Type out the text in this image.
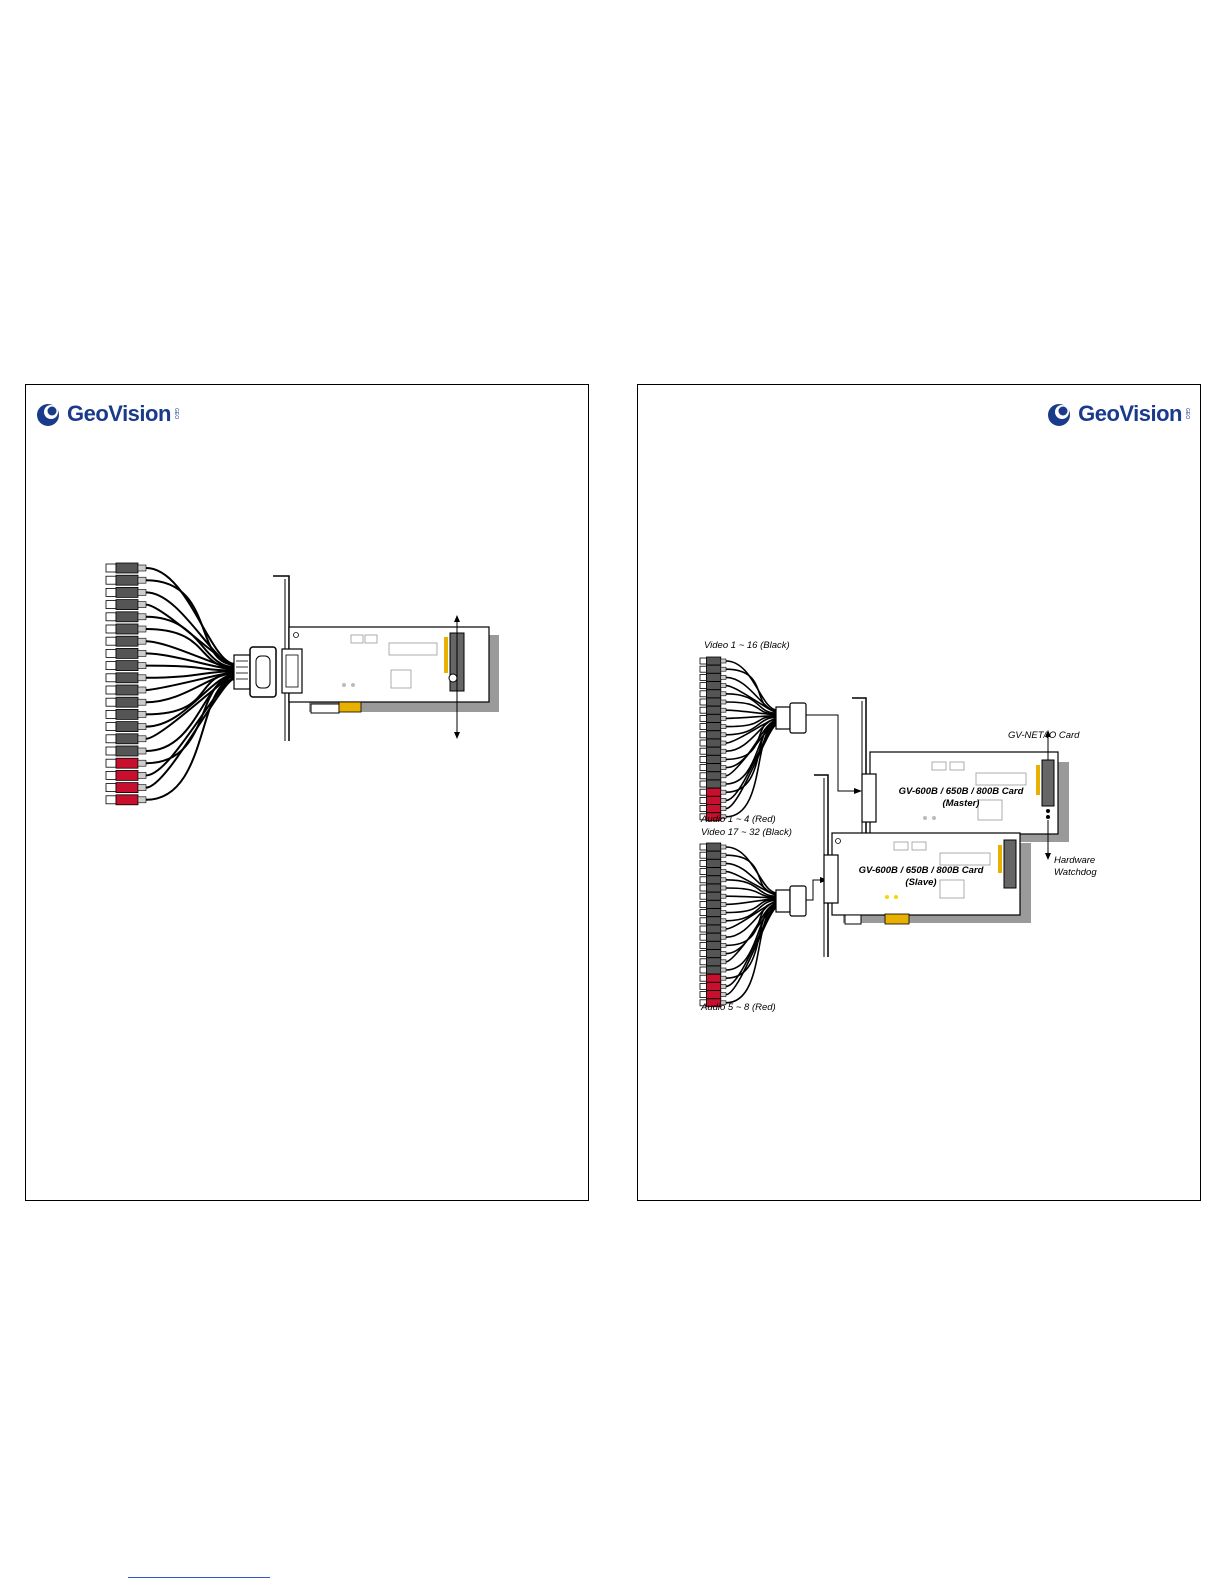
GeoVision GEO	GeoVision GEO
GV-600B / 650B / 800B Card
(Master)
GV-600B / 650B / 800B Card
(Slave)
Video 1 ~ 16 (Black)
Audio 1 ~ 4 (Red)
Video 17 ~ 32 (Black)
Audio 5 ~ 8 (Red)
GV-NET/IO Card
Hardware
Watchdog
